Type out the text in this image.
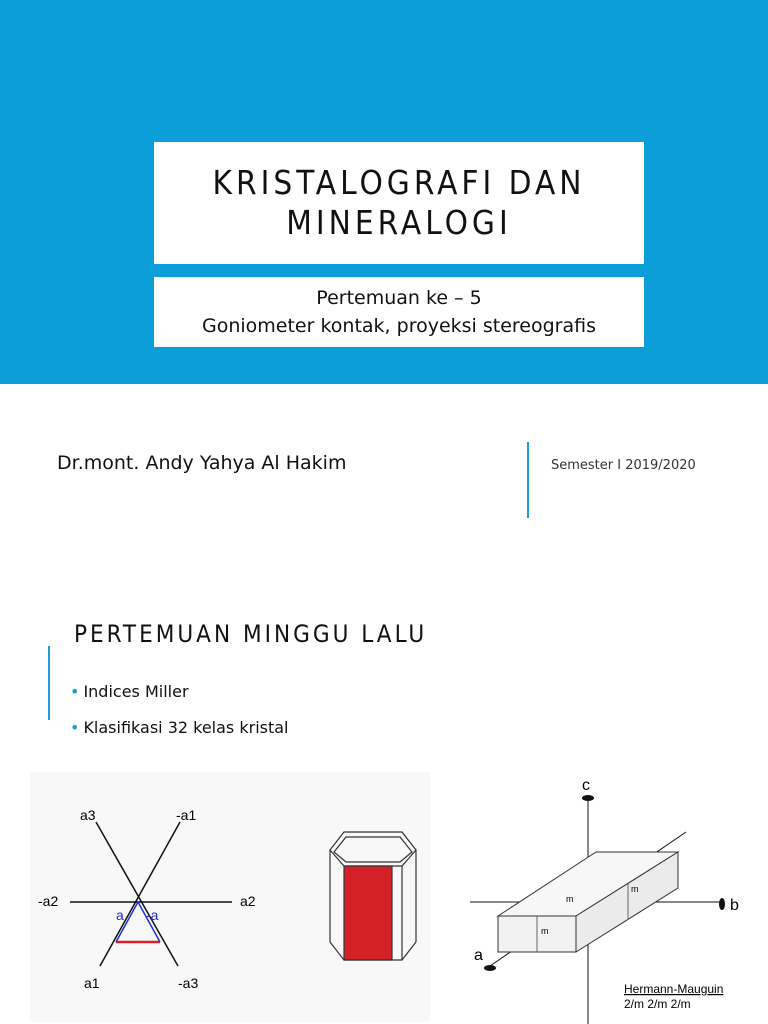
KRISTALOGRAFI DAN
MINERALOGI
Pertemuan ke – 5
Goniometer kontak, proyeksi stereografis
Dr.mont. Andy Yahya Al Hakim	Semester I 2019/2020
PERTEMUAN MINGGU LALU
• Indices Miller
• Klasifikasi 32 kelas kristal
a3	-a1
-a2	a2
a1	-a3
a -a
c
b
a
m
m
m
Hermann-Mauguin
2/m 2/m 2/m
